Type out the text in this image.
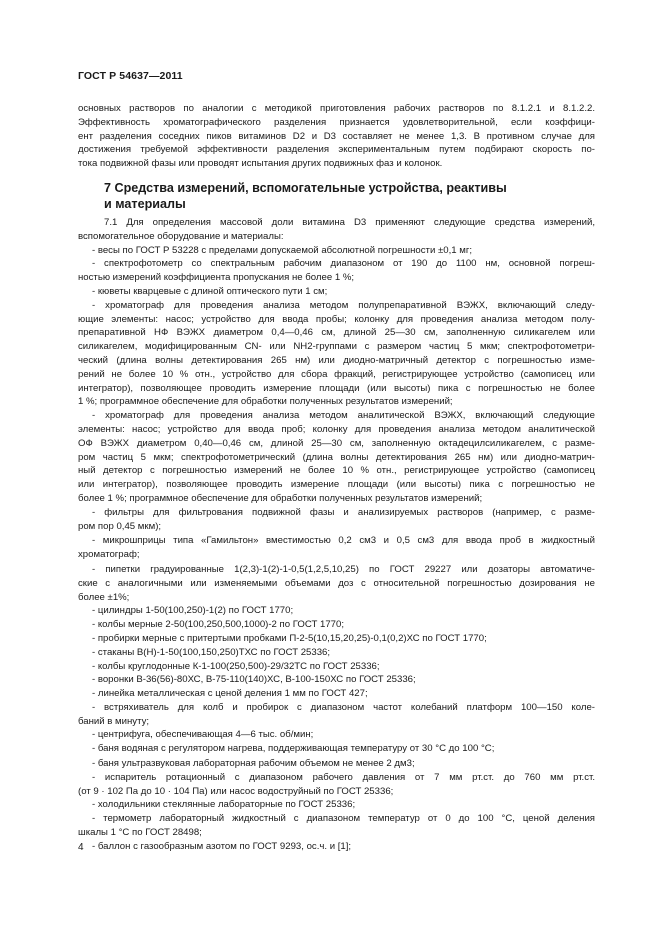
ГОСТ Р 54637—2011
основных растворов по аналогии с методикой приготовления рабочих растворов по 8.1.2.1 и 8.1.2.2.
Эффективность хроматографического разделения признается удовлетворительной, если коэффици-
ент разделения соседних пиков витаминов D2 и D3 составляет не менее 1,3. В противном случае для
достижения требуемой эффективности разделения экспериментальным путем подбирают скорость по-
тока подвижной фазы или проводят испытания других подвижных фаз и колонок.
7 Средства измерений, вспомогательные устройства, реактивы
и материалы
7.1 Для определения массовой доли витамина D3 применяют следующие средства измерений,
вспомогательное оборудование и материалы:
- весы по ГОСТ Р 53228 с пределами допускаемой абсолютной погрешности ±0,1 мг;
- спектрофотометр со спектральным рабочим диапазоном от 190 до 1100 нм, основной погреш-
ностью измерений коэффициента пропускания не более 1 %;
- кюветы кварцевые с длиной оптического пути 1 см;
- хроматограф для проведения анализа методом полупрепаративной ВЭЖХ, включающий следу-
ющие элементы: насос; устройство для ввода пробы; колонку для проведения анализа методом полу-
препаративной НФ ВЭЖХ диаметром 0,4—0,46 см, длиной 25—30 см, заполненную силикагелем или
силикагелем, модифицированным CN- или NH2-группами с размером частиц 5 мкм; спектрофотометри-
ческий (длина волны детектирования 265 нм) или диодно-матричный детектор с погрешностью изме-
рений не более 10 % отн., устройство для сбора фракций, регистрирующее устройство (самописец или
интегратор), позволяющее проводить измерение площади (или высоты) пика с погрешностью не более
1 %; программное обеспечение для обработки полученных результатов измерений;
- хроматограф для проведения анализа методом аналитической ВЭЖХ, включающий следующие
элементы: насос; устройство для ввода проб; колонку для проведения анализа методом аналитической
ОФ ВЭЖХ диаметром 0,40—0,46 см, длиной 25—30 см, заполненную октадецилсиликагелем, с разме-
ром частиц 5 мкм; спектрофотометрический (длина волны детектирования 265 нм) или диодно-матрич-
ный детектор с погрешностью измерений не более 10 % отн., регистрирующее устройство (самописец
или интегратор), позволяющее проводить измерение площади (или высоты) пика с погрешностью не
более 1 %; программное обеспечение для обработки полученных результатов измерений;
- фильтры для фильтрования подвижной фазы и анализируемых растворов (например, с разме-
ром пор 0,45 мкм);
- микрошприцы типа «Гамильтон» вместимостью 0,2 см3 и 0,5 см3 для ввода проб в жидкостный
хроматограф;
- пипетки градуированные 1(2,3)-1(2)-1-0,5(1,2,5,10,25) по ГОСТ 29227 или дозаторы автоматиче-
ские с аналогичными или изменяемыми объемами доз с относительной погрешностью дозирования не
более ±1%;
- цилиндры 1-50(100,250)-1(2) по ГОСТ 1770;
- колбы мерные 2-50(100,250,500,1000)-2 по ГОСТ 1770;
- пробирки мерные с притертыми пробками П-2-5(10,15,20,25)-0,1(0,2)ХС по ГОСТ 1770;
- стаканы В(Н)-1-50(100,150,250)ТХС по ГОСТ 25336;
- колбы круглодонные К-1-100(250,500)-29/32ТС по ГОСТ 25336;
- воронки В-36(56)-80ХС, В-75-110(140)ХС, В-100-150ХС по ГОСТ 25336;
- линейка металлическая с ценой деления 1 мм по ГОСТ 427;
- встряхиватель для колб и пробирок с диапазоном частот колебаний платформ 100—150 коле-
баний в минуту;
- центрифуга, обеспечивающая 4—6 тыс. об/мин;
- баня водяная с регулятором нагрева, поддерживающая температуру от 30 °С до 100 °С;
- баня ультразвуковая лабораторная рабочим объемом не менее 2 дм3;
- испаритель ротационный с диапазоном рабочего давления от 7 мм рт.ст. до 760 мм рт.ст.
(от 9 · 102 Па до 10 · 104 Па) или насос водоструйный по ГОСТ 25336;
- холодильники стеклянные лабораторные по ГОСТ 25336;
- термометр лабораторный жидкостный с диапазоном температур от 0 до 100 °С, ценой деления
шкалы 1 °С по ГОСТ 28498;
- баллон с газообразным азотом по ГОСТ 9293, ос.ч. и [1];
4
